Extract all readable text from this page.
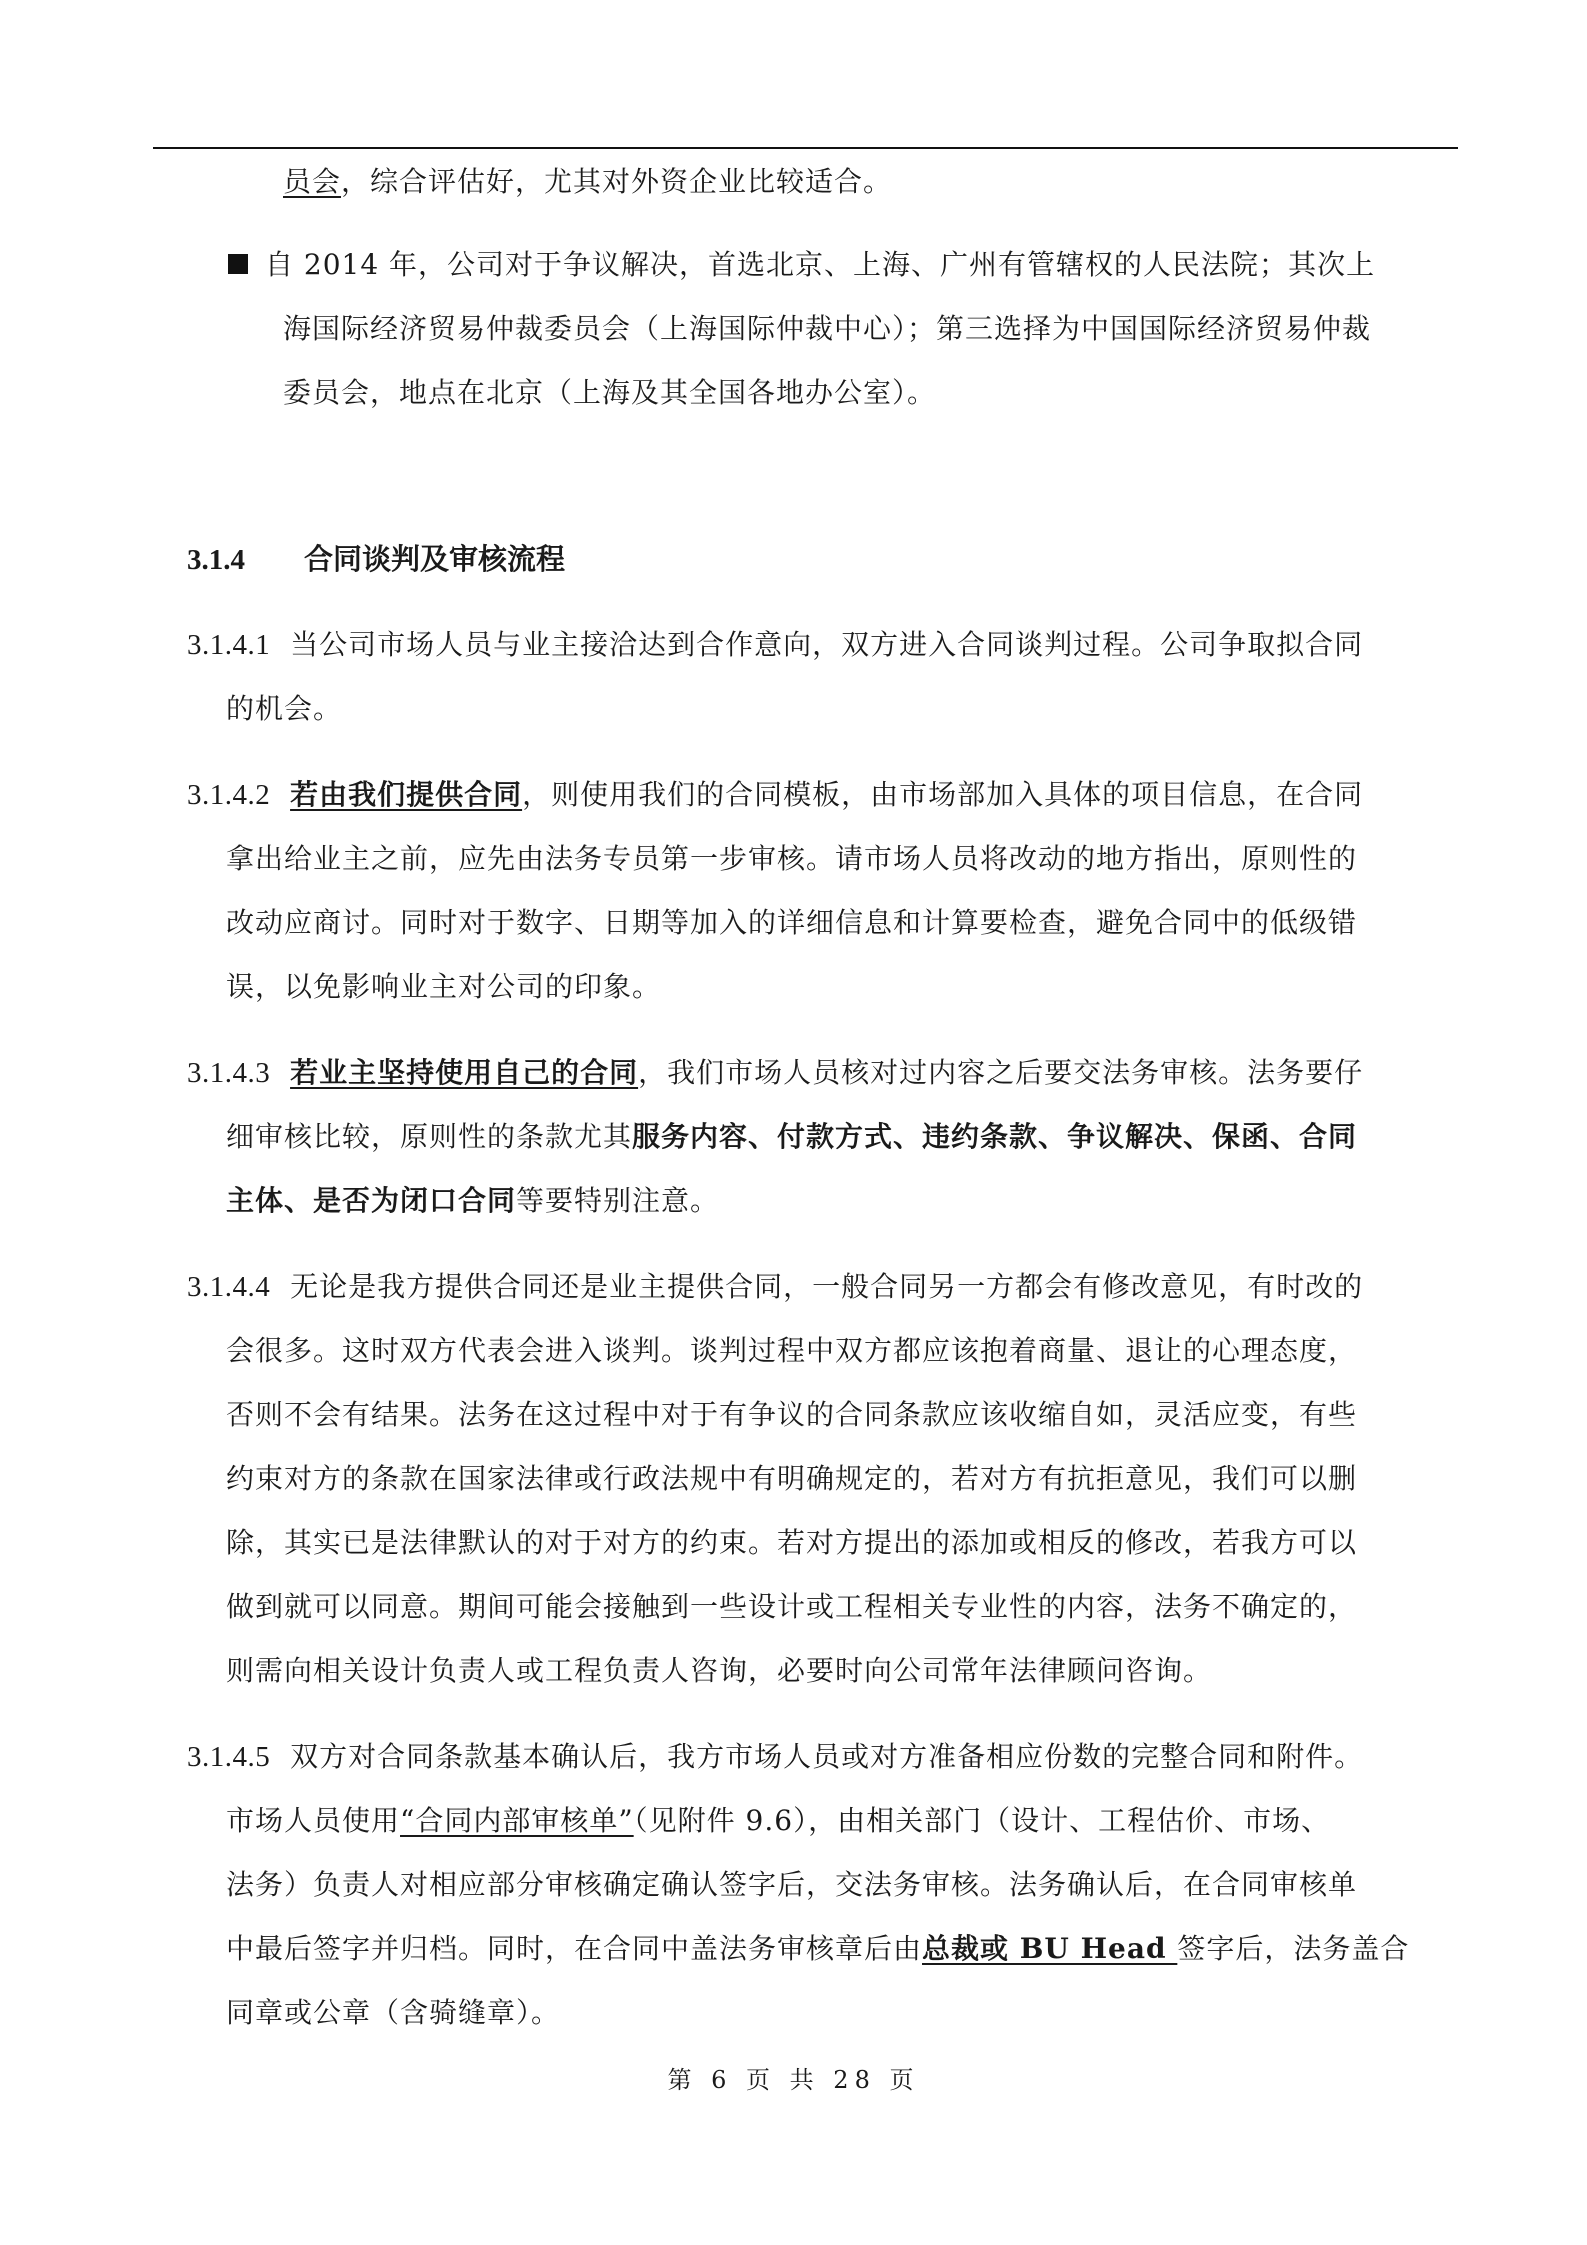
员会，综合评估好，尤其对外资企业比较适合。
自 2014 年，公司对于争议解决，首选北京、上海、广州有管辖权的人民法院；其次上
海国际经济贸易仲裁委员会（上海国际仲裁中心）；第三选择为中国国际经济贸易仲裁
委员会，地点在北京（上海及其全国各地办公室）。
3.1.4 合同谈判及审核流程
3.1.4.1 当公司市场人员与业主接洽达到合作意向，双方进入合同谈判过程。公司争取拟合同
的机会。
3.1.4.2 若由我们提供合同，则使用我们的合同模板，由市场部加入具体的项目信息，在合同
拿出给业主之前，应先由法务专员第一步审核。请市场人员将改动的地方指出，原则性的
改动应商讨。同时对于数字、日期等加入的详细信息和计算要检查，避免合同中的低级错
误，以免影响业主对公司的印象。
3.1.4.3 若业主坚持使用自己的合同，我们市场人员核对过内容之后要交法务审核。法务要仔
细审核比较，原则性的条款尤其服务内容、付款方式、违约条款、争议解决、保函、合同
主体、是否为闭口合同等要特别注意。
3.1.4.4 无论是我方提供合同还是业主提供合同，一般合同另一方都会有修改意见，有时改的
会很多。这时双方代表会进入谈判。谈判过程中双方都应该抱着商量、退让的心理态度，
否则不会有结果。法务在这过程中对于有争议的合同条款应该收缩自如，灵活应变，有些
约束对方的条款在国家法律或行政法规中有明确规定的，若对方有抗拒意见，我们可以删
除，其实已是法律默认的对于对方的约束。若对方提出的添加或相反的修改，若我方可以
做到就可以同意。期间可能会接触到一些设计或工程相关专业性的内容，法务不确定的，
则需向相关设计负责人或工程负责人咨询，必要时向公司常年法律顾问咨询。
3.1.4.5 双方对合同条款基本确认后，我方市场人员或对方准备相应份数的完整合同和附件。
市场人员使用“合同内部审核单”（见附件 9.6），由相关部门（设计、工程估价、市场、
法务）负责人对相应部分审核确定确认签字后，交法务审核。法务确认后，在合同审核单
中最后签字并归档。同时，在合同中盖法务审核章后由总裁或 BU Head 签字后，法务盖合
同章或公章（含骑缝章）。
第 6 页 共 28 页
